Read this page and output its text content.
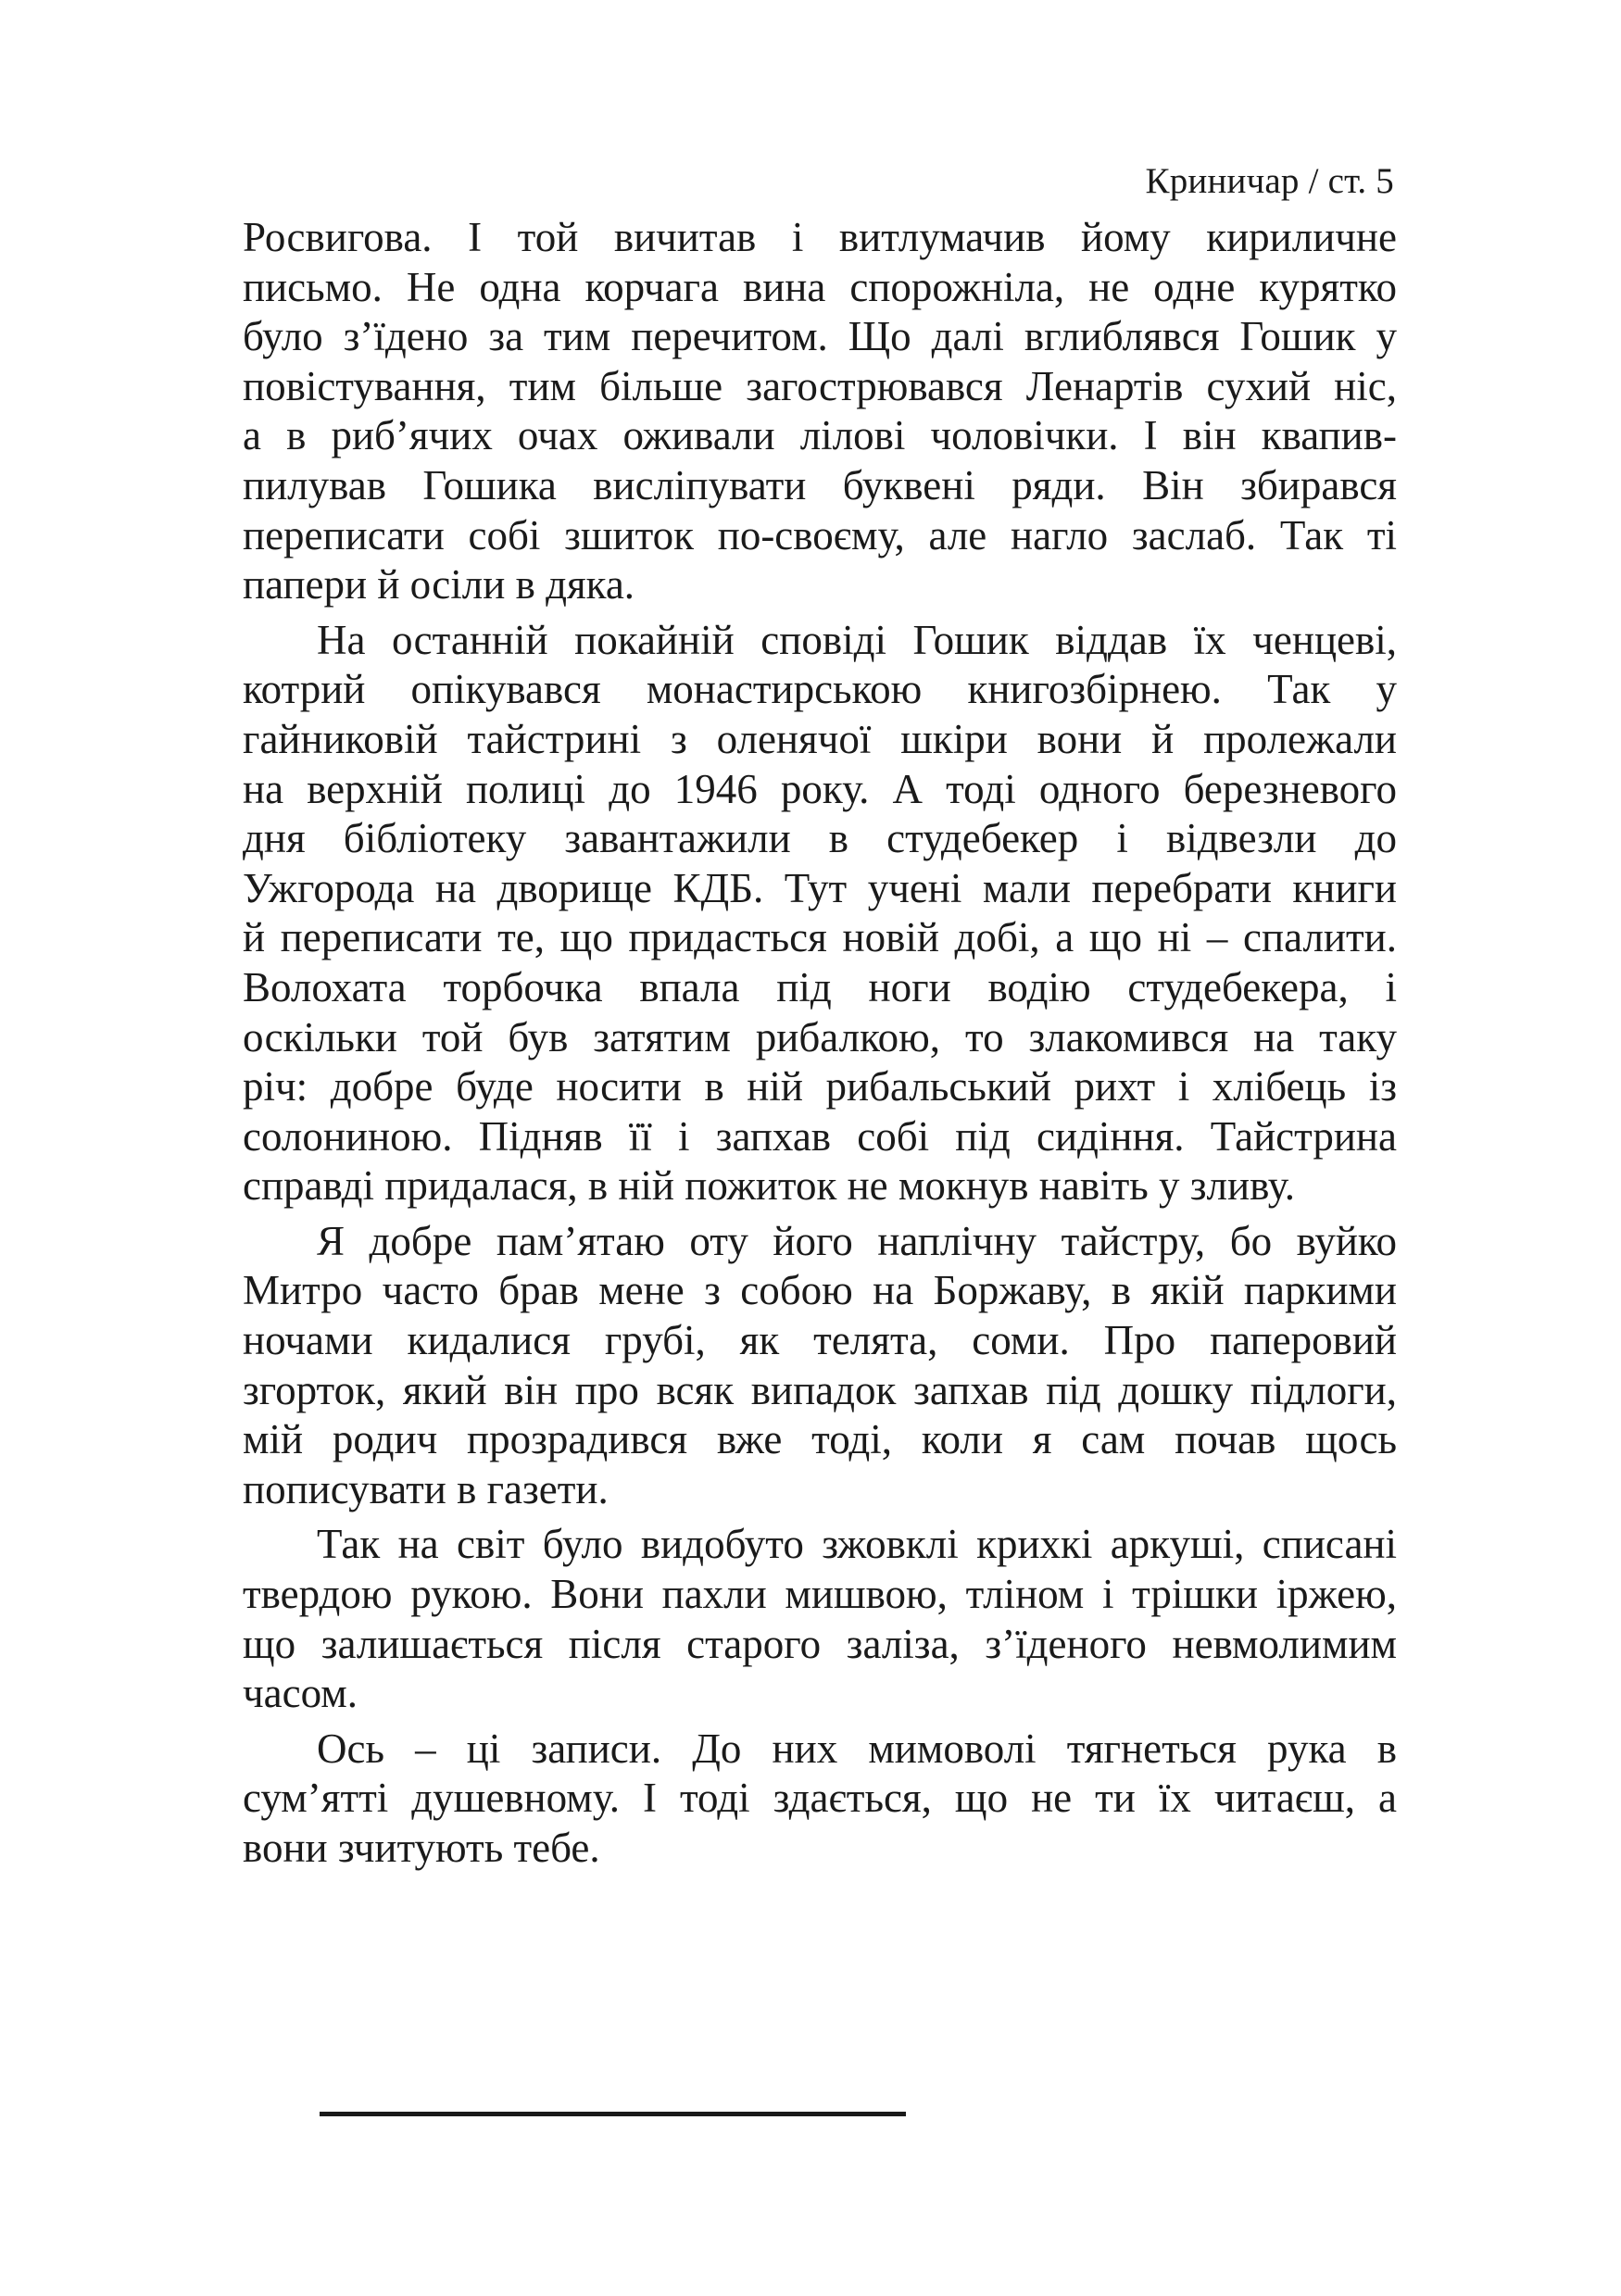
Криничар / ст. 5
Росвигова. І той вичитав і витлумачив йому кириличне
письмо. Не одна корчага вина спорожніла, не одне курятко
було з’їдено за тим перечитом. Що далі вглиблявся Гошик у
повістування, тим більше загострювався Ленартів сухий ніс,
а в риб’ячих очах оживали лілові чоловічки. І він квапив-
пилував Гошика висліпувати буквені ряди. Він збирався
переписати собі зшиток по-своєму, але нагло заслаб. Так ті
папери й осіли в дяка.
На останній покайній сповіді Гошик віддав їх ченцеві,
котрий опікувався монастирською книгозбірнею. Так у
гайниковій тайстрині з оленячої шкіри вони й пролежали
на верхній полиці до 1946 року. А тоді одного березневого
дня бібліотеку завантажили в студебекер і відвезли до
Ужгорода на дворище КДБ. Тут учені мали перебрати книги
й переписати те, що придасться новій добі, а що ні – спалити.
Волохата торбочка впала під ноги водію студебекера, і
оскільки той був затятим рибалкою, то злакомився на таку
річ: добре буде носити в ній рибальський рихт і хлібець із
солониною. Підняв її і запхав собі під сидіння. Тайстрина
справді придалася, в ній пожиток не мокнув навіть у зливу.
Я добре пам’ятаю оту його наплічну тайстру, бо вуйко
Митро часто брав мене з собою на Боржаву, в якій паркими
ночами кидалися грубі, як телята, соми. Про паперовий
згорток, який він про всяк випадок запхав під дошку підлоги,
мій родич прозрадився вже тоді, коли я сам почав щось
пописувати в газети.
Так на світ було видобуто зжовклі крихкі аркуші, списані
твердою рукою. Вони пахли мишвою, тліном і трішки іржею,
що залишається після старого заліза, з’їденого невмолимим
часом.
Ось – ці записи. До них мимоволі тягнеться рука в
сум’ятті душевному. І тоді здається, що не ти їх читаєш, а
вони зчитують тебе.
